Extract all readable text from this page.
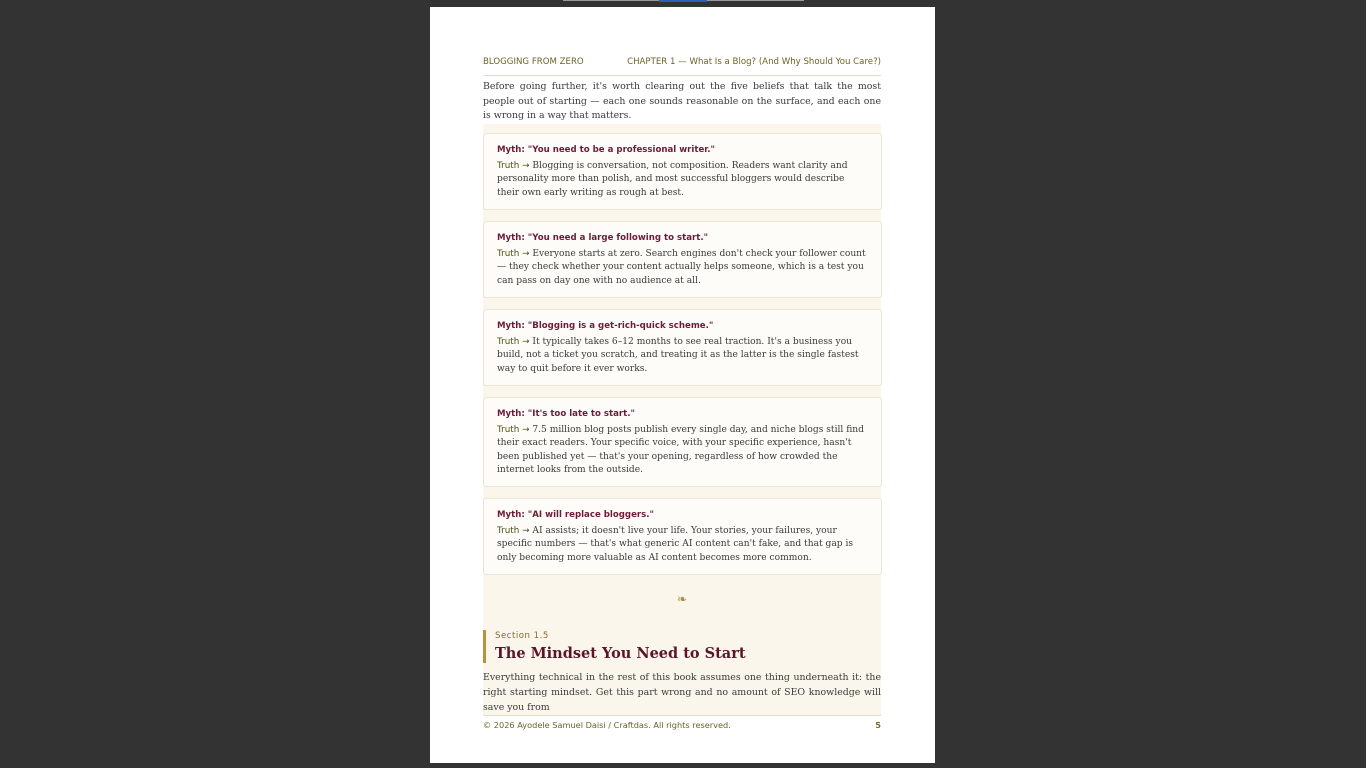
BLOGGING FROM ZERO	CHAPTER 1 — What Is a Blog? (And Why Should You Care?)
Before going further, it's worth clearing out the five beliefs that talk the most people out of starting — each one sounds reasonable on the surface, and each one is wrong in a way that matters.
Myth: "You need to be a professional writer."
Truth → Blogging is conversation, not composition. Readers want clarity and personality more than polish, and most successful bloggers would describe their own early writing as rough at best.
Myth: "You need a large following to start."
Truth → Everyone starts at zero. Search engines don't check your follower count — they check whether your content actually helps someone, which is a test you can pass on day one with no audience at all.
Myth: "Blogging is a get-rich-quick scheme."
Truth → It typically takes 6–12 months to see real traction. It's a business you build, not a ticket you scratch, and treating it as the latter is the single fastest way to quit before it ever works.
Myth: "It's too late to start."
Truth → 7.5 million blog posts publish every single day, and niche blogs still find their exact readers. Your specific voice, with your specific experience, hasn't been published yet — that's your opening, regardless of how crowded the internet looks from the outside.
Myth: "AI will replace bloggers."
Truth → AI assists; it doesn't live your life. Your stories, your failures, your specific numbers — that's what generic AI content can't fake, and that gap is only becoming more valuable as AI content becomes more common.
❧
Section 1.5
The Mindset You Need to Start
Everything technical in the rest of this book assumes one thing underneath it: the right starting mindset. Get this part wrong and no amount of SEO knowledge will save you from
© 2026 Ayodele Samuel Daisi / Craftdas. All rights reserved.	5
